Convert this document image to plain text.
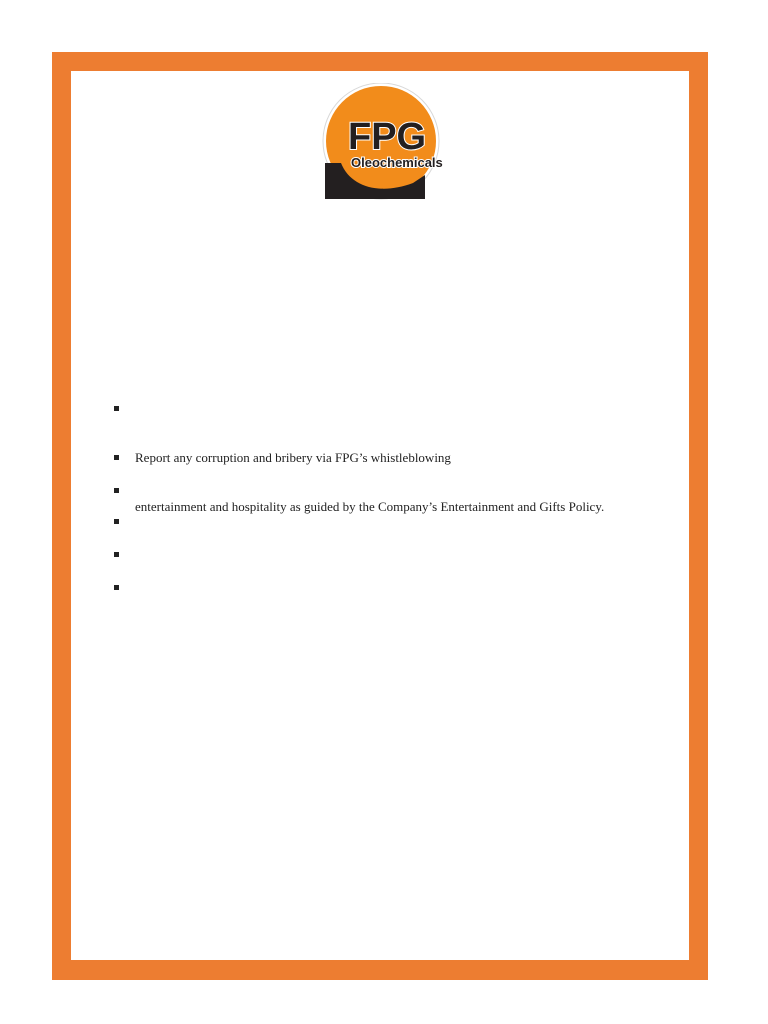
FPG
Oleochemicals
Report any corruption and bribery via FPG’s whistleblowing
entertainment and hospitality as guided by the Company’s Entertainment and Gifts Policy.
